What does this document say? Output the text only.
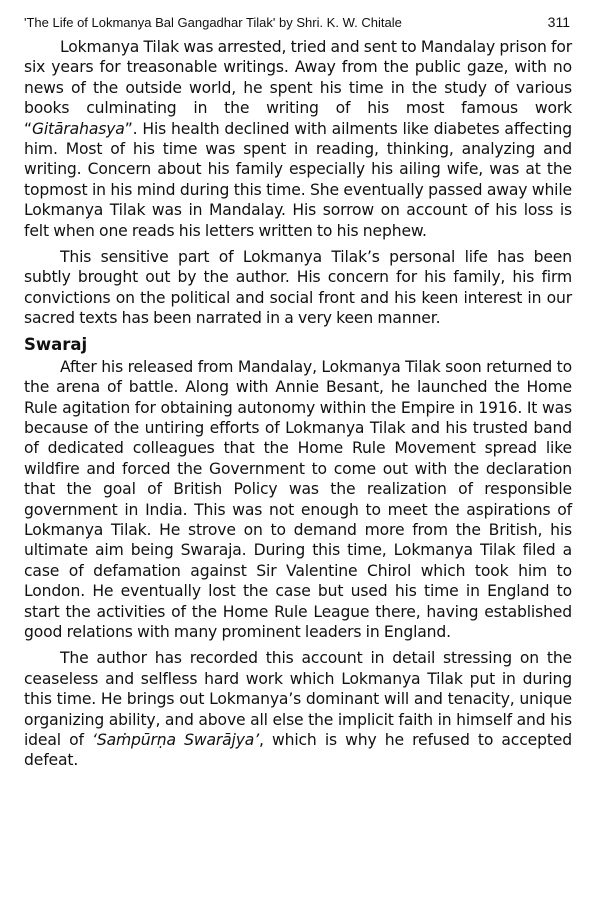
'The Life of Lokmanya Bal Gangadhar Tilak' by Shri. K. W. Chitale	311

Lokmanya Tilak was arrested, tried and sent to Mandalay prison for six years for treasonable writings. Away from the public gaze, with no news of the outside world, he spent his time in the study of various books culminating in the writing of his most famous work “Gitārahasya”. His health declined with ailments like diabetes affecting him. Most of his time was spent in reading, thinking, analyzing and writing. Concern about his family especially his ailing wife, was at the topmost in his mind during this time. She eventually passed away while Lokmanya Tilak was in Mandalay. His sorrow on account of his loss is felt when one reads his letters written to his nephew.

This sensitive part of Lokmanya Tilak’s personal life has been subtly brought out by the author. His concern for his family, his firm convictions on the political and social front and his keen interest in our sacred texts has been narrated in a very keen manner.

Swaraj

After his released from Mandalay, Lokmanya Tilak soon returned to the arena of battle. Along with Annie Besant, he launched the Home Rule agitation for obtaining autonomy within the Empire in 1916. It was because of the untiring efforts of Lokmanya Tilak and his trusted band of dedicated colleagues that the Home Rule Movement spread like wildfire and forced the Government to come out with the declaration that the goal of British Policy was the realization of responsible government in India. This was not enough to meet the aspirations of Lokmanya Tilak. He strove on to demand more from the British, his ultimate aim being Swaraja. During this time, Lokmanya Tilak filed a case of defamation against Sir Valentine Chirol which took him to London. He eventually lost the case but used his time in England to start the activities of the Home Rule League there, having established good relations with many prominent leaders in England.

The author has recorded this account in detail stressing on the ceaseless and selfless hard work which Lokmanya Tilak put in during this time. He brings out Lokmanya’s dominant will and tenacity, unique organizing ability, and above all else the implicit faith in himself and his ideal of ‘Saṁpūrṇa Swarājya’, which is why he refused to accepted defeat.
